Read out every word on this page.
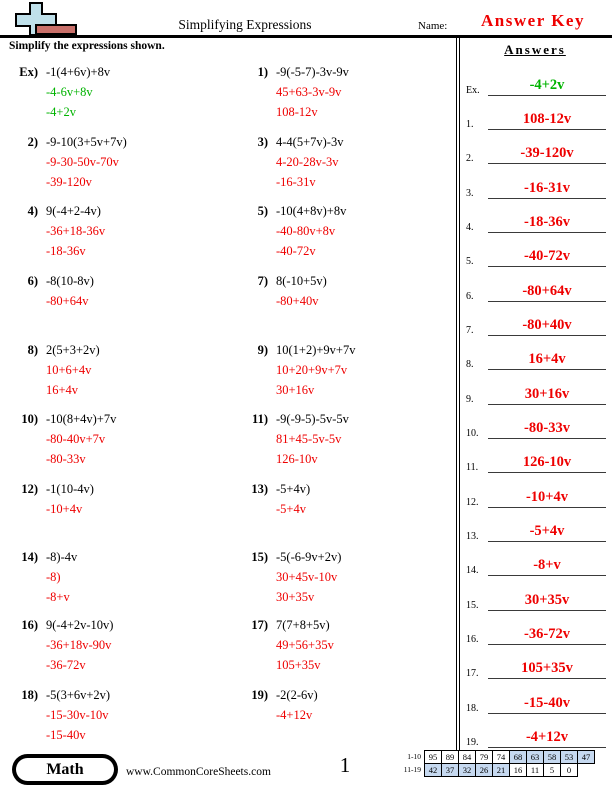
Simplifying Expressions	Name:	Answer Key
Simplify the expressions shown.
Ex) -1(4+6v)+8v
-4-6v+8v
-4+2v
1) -9(-5-7)-3v-9v
45+63-3v-9v
108-12v
2) -9-10(3+5v+7v)
-9-30-50v-70v
-39-120v
3) 4-4(5+7v)-3v
4-20-28v-3v
-16-31v
4) 9(-4+2-4v)
-36+18-36v
-18-36v
5) -10(4+8v)+8v
-40-80v+8v
-40-72v
6) -8(10-8v)
-80+64v
7) 8(-10+5v)
-80+40v
8) 2(5+3+2v)
10+6+4v
16+4v
9) 10(1+2)+9v+7v
10+20+9v+7v
30+16v
10) -10(8+4v)+7v
-80-40v+7v
-80-33v
11) -9(-9-5)-5v-5v
81+45-5v-5v
126-10v
12) -1(10-4v)
-10+4v
13) -5+4v)
-5+4v
14) -8)-4v
-8)
-8+v
15) -5(-6-9v+2v)
30+45v-10v
30+35v
16) 9(-4+2v-10v)
-36+18v-90v
-36-72v
17) 7(7+8+5v)
49+56+35v
105+35v
18) -5(3+6v+2v)
-15-30v-10v
-15-40v
19) -2(2-6v)
-4+12v
Answers
Ex.	-4+2v
1.	108-12v
2.	-39-120v
3.	-16-31v
4.	-18-36v
5.	-40-72v
6.	-80+64v
7.	-80+40v
8.	16+4v
9.	30+16v
10.	-80-33v
11.	126-10v
12.	-10+4v
13.	-5+4v
14.	-8+v
15.	30+35v
16.	-36-72v
17.	105+35v
18.	-15-40v
19.	-4+12v
Math	www.CommonCoreSheets.com	1	1-10 95	89	84	79	74	68	63	58	53	47
11-19 42	37	32	26	21	16	11	5	0
